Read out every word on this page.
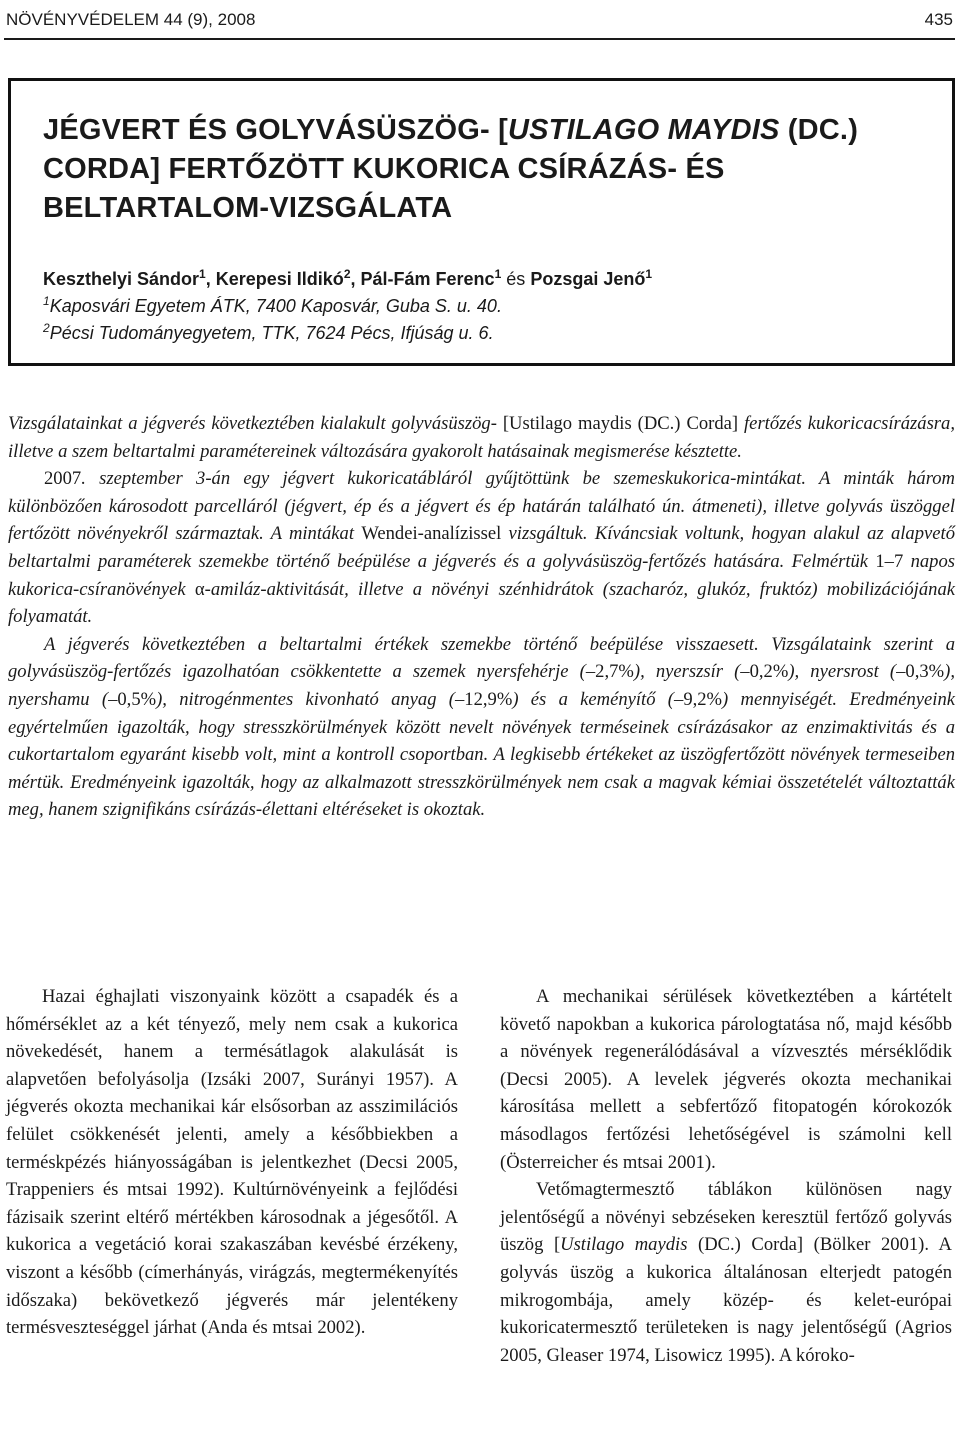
NÖVÉNYVÉDELEM 44 (9), 2008	435
JÉGVERT ÉS GOLYVÁSÜSZÖG- [USTILAGO MAYDIS (DC.) CORDA] FERTŐZÖTT KUKORICA CSÍRÁZÁS- ÉS BELTARTALOM-VIZSGÁLATA

Keszthelyi Sándor$^1$, Kerepesi Ildikó$^2$, Pál-Fám Ferenc$^1$ és Pozsgai Jenő$^1$
$^1$Kaposvári Egyetem ÁTK, 7400 Kaposvár, Guba S. u. 40.
$^2$Pécsi Tudományegyetem, TTK, 7624 Pécs, Ifjúság u. 6.

Vizsgálatainkat a jégverés következtében kialakult golyvásüszög- [Ustilago maydis (DC.) Corda] fertőzés kukoricacsírázásra, illetve a szem beltartalmi paramétereinek változására gyakorolt hatásainak megismerése késztette.

2007. szeptember 3-án egy jégvert kukoricatábláról gyűjtöttünk be szemeskukorica-mintákat. A minták három különbözően károsodott parcelláról (jégvert, ép és a jégvert és ép határán található ún. átmeneti), illetve golyvás üszöggel fertőzött növényekről származtak. A mintákat Wendei-analízissel vizsgáltuk. Kíváncsiak voltunk, hogyan alakul az alapvető beltartalmi paraméterek szemekbe történő beépülése a jégverés és a golyvásüszög-fertőzés hatására. Felmértük 1–7 napos kukorica-csíranövények α-amiláz-aktivitását, illetve a növényi szénhidrátok (szacharóz, glukóz, fruktóz) mobilizációjának folyamatát.

A jégverés következtében a beltartalmi értékek szemekbe történő beépülése visszaesett. Vizsgálataink szerint a golyvásüszög-fertőzés igazolhatóan csökkentette a szemek nyersfehérje (–2,7%), nyerszsír (–0,2%), nyersrost (–0,3%), nyershamu (–0,5%), nitrogénmentes kivonható anyag (–12,9%) és a keményítő (–9,2%) mennyiségét. Eredményeink egyértelműen igazolták, hogy stresszkörülmények között nevelt növények terméseinek csírázásakor az enzimaktivitás és a cukortartalom egyaránt kisebb volt, mint a kontroll csoportban. A legkisebb értékeket az üszögfertőzött növények termeseiben mértük. Eredményeink igazolták, hogy az alkalmazott stresszkörülmények nem csak a magvak kémiai összetételét változtatták meg, hanem szignifikáns csírázás-élettani eltéréseket is okoztak.

Hazai éghajlati viszonyaink között a csapadék és a hőmérséklet az a két tényező, mely nem csak a kukorica növekedését, hanem a termésátlagok alakulását is alapvetően befolyásolja (Izsáki 2007, Surányi 1957). A jégverés okozta mechanikai kár elsősorban az asszimilációs felület csökkenését jelenti, amely a későbbiekben a terméskpézés hiányosságában is jelentkezhet (Decsi 2005, Trappeniers és mtsai 1992). Kultúrnövényeink a fejlődési fázisaik szerint eltérő mértékben károsodnak a jégesőtől. A kukorica a vegetáció korai szakaszában kevésbé érzékeny, viszont a később (címerhányás, virágzás, megtermékenyítés időszaka) bekövetkező jégverés már jelentékeny termésveszteséggel járhat (Anda és mtsai 2002).

A mechanikai sérülések következtében a kártételt követő napokban a kukorica párologtatása nő, majd később a növények regenerálódásával a vízvesztés mérséklődik (Decsi 2005). A levelek jégverés okozta mechanikai károsítása mellett a sebfertőző fitopatogén kórokozók másodlagos fertőzési lehetőségével is számolni kell (Österreicher és mtsai 2001).

Vetőmagtermesztő táblákon különösen nagy jelentőségű a növényi sebzéseken keresztül fertőző golyvás üszög [Ustilago maydis (DC.) Corda] (Bölker 2001). A golyvás üszög a kukorica általánosan elterjedt patogén mikrogombája, amely közép- és kelet-európai kukoricatermesztő területeken is nagy jelentőségű (Agrios 2005, Gleaser 1974, Lisowicz 1995). A kóroko-
